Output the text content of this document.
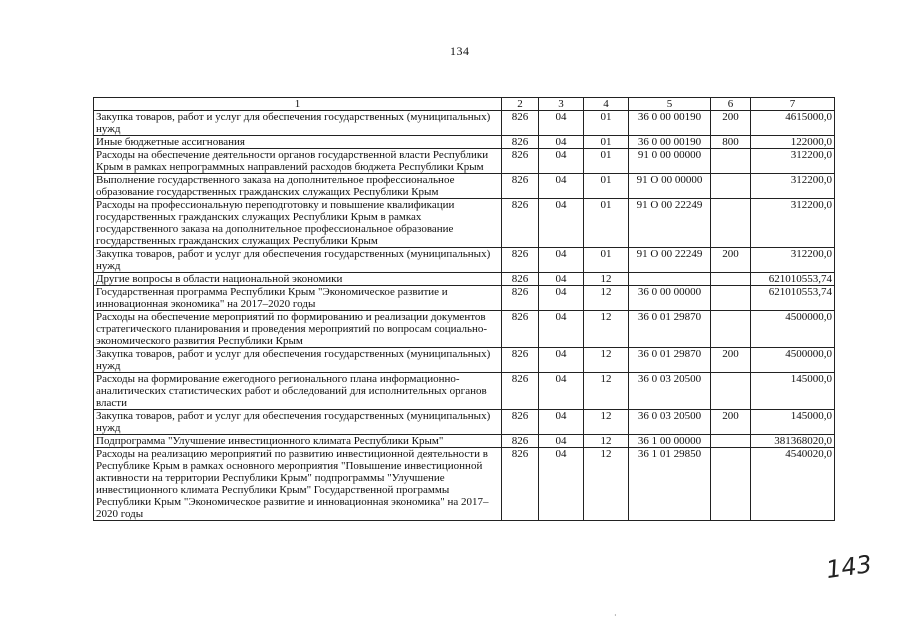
134
1	2	3	4	5	6	7
Закупка товаров, работ и услуг для обеспечения государственных (муниципальных) нужд	826	04	01	36 0 00 00190	200	4615000,0
Иные бюджетные ассигнования	826	04	01	36 0 00 00190	800	122000,0
Расходы на обеспечение деятельности органов государственной власти Республики Крым в рамках непрограммных направлений расходов бюджета Республики Крым	826	04	01	91 0 00 00000		312200,0
Выполнение государственного заказа на дополнительное профессиональное образование государственных гражданских служащих Республики Крым	826	04	01	91 О 00 00000		312200,0
Расходы на профессиональную переподготовку и повышение квалификации государственных гражданских служащих Республики Крым в рамках государственного заказа на дополнительное профессиональное образование государственных гражданских служащих Республики Крым	826	04	01	91 О 00 22249		312200,0
Закупка товаров, работ и услуг для обеспечения государственных (муниципальных) нужд	826	04	01	91 О 00 22249	200	312200,0
Другие вопросы в области национальной экономики	826	04	12			621010553,74
Государственная программа Республики Крым "Экономическое развитие и инновационная экономика" на 2017–2020 годы	826	04	12	36 0 00 00000		621010553,74
Расходы на обеспечение мероприятий по формированию и реализации документов стратегического планирования и проведения мероприятий по вопросам социально-экономического развития Республики Крым	826	04	12	36 0 01 29870		4500000,0
Закупка товаров, работ и услуг для обеспечения государственных (муниципальных) нужд	826	04	12	36 0 01 29870	200	4500000,0
Расходы на формирование ежегодного регионального плана информационно-аналитических статистических работ и обследований для исполнительных органов власти	826	04	12	36 0 03 20500		145000,0
Закупка товаров, работ и услуг для обеспечения государственных (муниципальных) нужд	826	04	12	36 0 03 20500	200	145000,0
Подпрограмма "Улучшение инвестиционного климата Республики Крым"	826	04	12	36 1 00 00000		381368020,0
Расходы на реализацию мероприятий по развитию инвестиционной деятельности в Республике Крым в рамках основного мероприятия "Повышение инвестиционной активности на территории Республики Крым" подпрограммы "Улучшение инвестиционного климата Республики Крым" Государственной программы Республики Крым "Экономическое развитие и инновационная экономика" на 2017–2020 годы	826	04	12	36 1 01 29850		4540020,0
143
·
